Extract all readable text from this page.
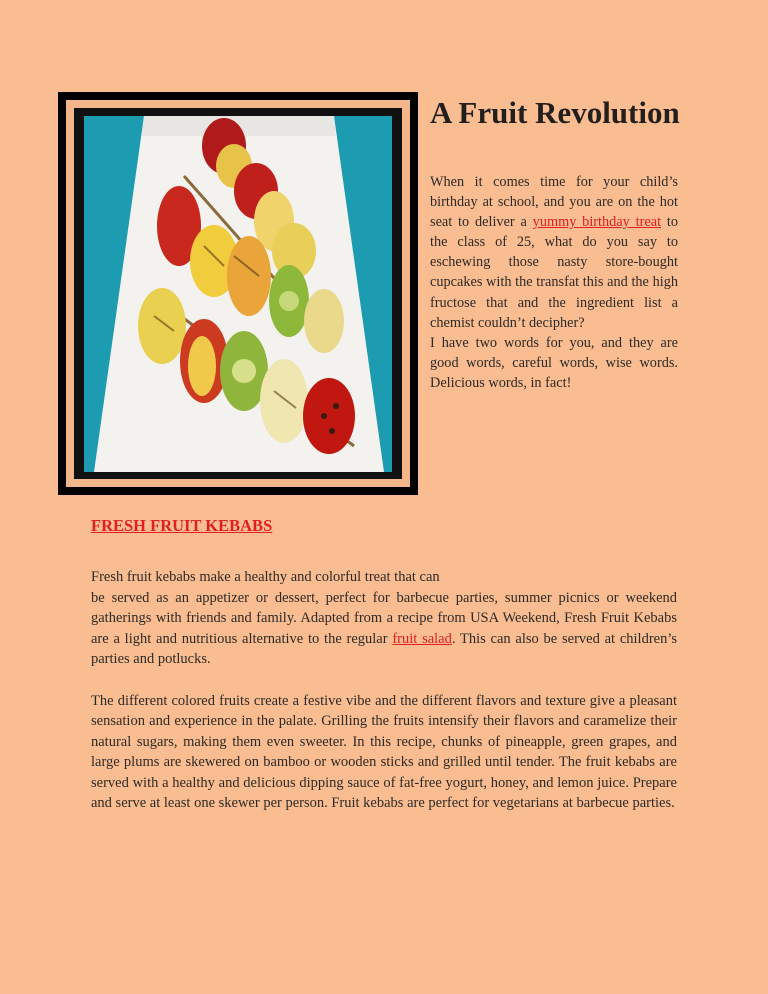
A Fruit Revolution

When it comes time for your child’s birthday at school, and you are on the hot seat to deliver a yummy birthday treat to the class of 25, what do you say to eschewing those nasty store-bought cupcakes with the transfat this and the high fructose that and the ingredient list a chemist couldn’t decipher?

I have two words for you, and they are good words, careful words, wise words. Delicious words, in fact!

FRESH FRUIT KEBABS

Fresh fruit kebabs make a healthy and colorful treat that can
be served as an appetizer or dessert, perfect for barbecue parties, summer picnics or weekend gatherings with friends and family. Adapted from a recipe from USA Weekend, Fresh Fruit Kebabs are a light and nutritious alternative to the regular fruit salad. This can also be served at children’s parties and potlucks.

The different colored fruits create a festive vibe and the different flavors and texture give a pleasant sensation and experience in the palate. Grilling the fruits intensify their flavors and caramelize their natural sugars, making them even sweeter. In this recipe, chunks of pineapple, green grapes, and large plums are skewered on bamboo or wooden sticks and grilled until tender. The fruit kebabs are served with a healthy and delicious dipping sauce of fat-free yogurt, honey, and lemon juice. Prepare and serve at least one skewer per person. Fruit kebabs are perfect for vegetarians at barbecue parties.
